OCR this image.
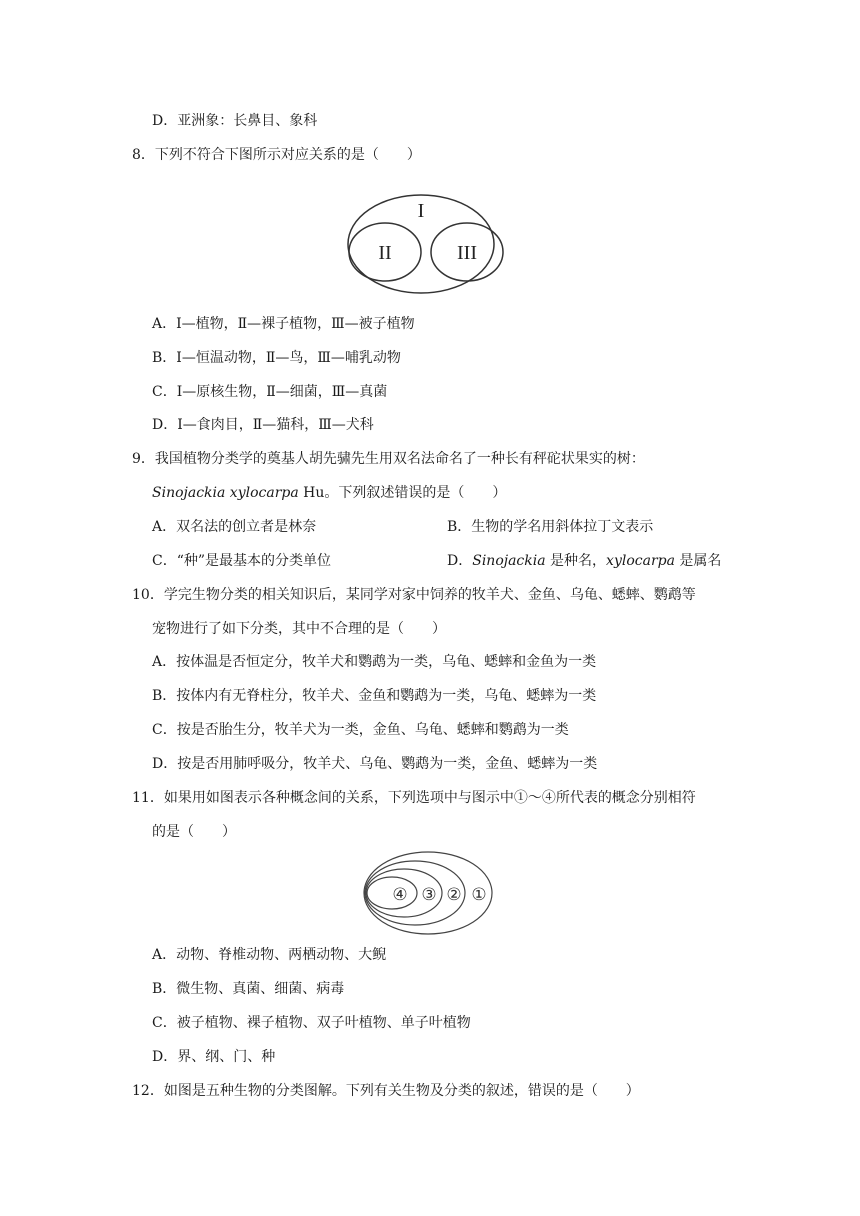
D．亚洲象：长鼻目、象科
8．下列不符合下图所示对应关系的是（　　）
I
II	III
A．Ⅰ—植物，Ⅱ—裸子植物，Ⅲ—被子植物
B．Ⅰ—恒温动物，Ⅱ—鸟，Ⅲ—哺乳动物
C．Ⅰ—原核生物，Ⅱ—细菌，Ⅲ—真菌
D．Ⅰ—食肉目，Ⅱ—猫科，Ⅲ—犬科
9．我国植物分类学的奠基人胡先骕先生用双名法命名了一种长有秤砣状果实的树：
Sinojackia xylocarpa Hu。下列叙述错误的是（　　）
A．双名法的创立者是林奈	B．生物的学名用斜体拉丁文表示
C．“种”是最基本的分类单位	D．Sinojackia 是种名，xylocarpa 是属名
10．学完生物分类的相关知识后，某同学对家中饲养的牧羊犬、金鱼、乌龟、蟋蟀、鹦鹉等
宠物进行了如下分类，其中不合理的是（　　）
A．按体温是否恒定分，牧羊犬和鹦鹉为一类，乌龟、蟋蟀和金鱼为一类
B．按体内有无脊柱分，牧羊犬、金鱼和鹦鹉为一类，乌龟、蟋蟀为一类
C．按是否胎生分，牧羊犬为一类，金鱼、乌龟、蟋蟀和鹦鹉为一类
D．按是否用肺呼吸分，牧羊犬、乌龟、鹦鹉为一类，金鱼、蟋蟀为一类
11．如果用如图表示各种概念间的关系，下列选项中与图示中①～④所代表的概念分别相符
的是（　　）
④ ③ ② ①
A．动物、脊椎动物、两栖动物、大鲵
B．微生物、真菌、细菌、病毒
C．被子植物、裸子植物、双子叶植物、单子叶植物
D．界、纲、门、种
12．如图是五种生物的分类图解。下列有关生物及分类的叙述，错误的是（　　）
